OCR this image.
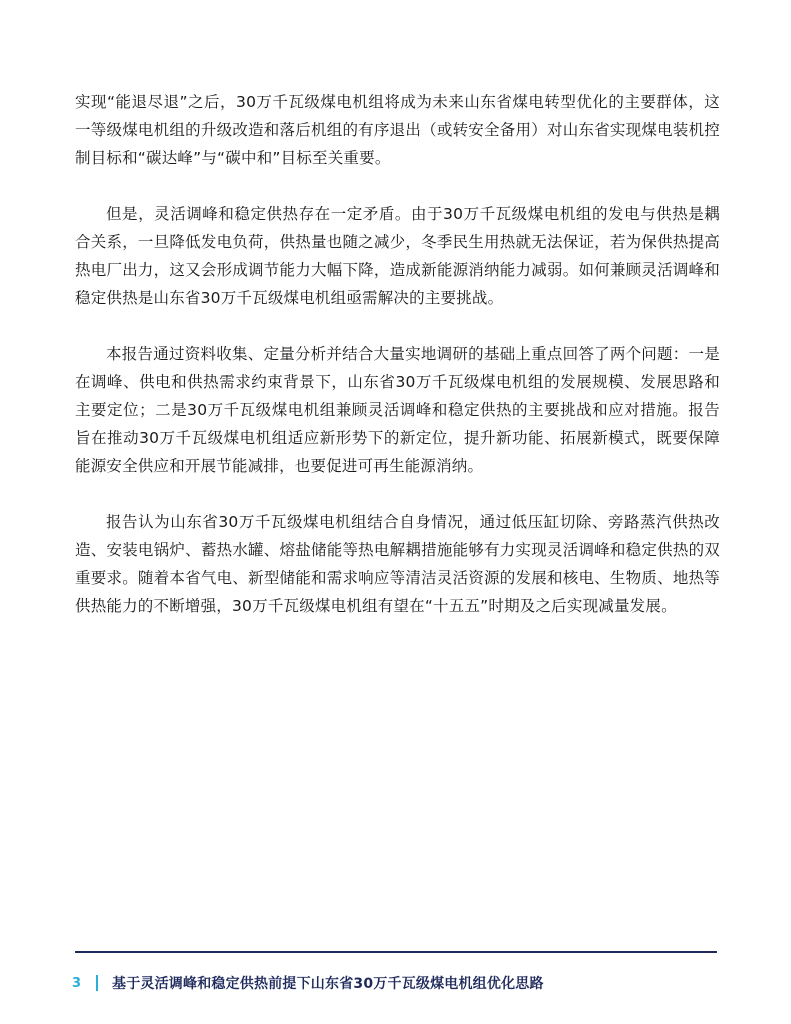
实现“能退尽退”之后，30万千瓦级煤电机组将成为未来山东省煤电转型优化的主要群体，这一等级煤电机组的升级改造和落后机组的有序退出（或转安全备用）对山东省实现煤电装机控制目标和“碳达峰”与“碳中和”目标至关重要。

但是，灵活调峰和稳定供热存在一定矛盾。由于30万千瓦级煤电机组的发电与供热是耦合关系，一旦降低发电负荷，供热量也随之减少，冬季民生用热就无法保证，若为保供热提高热电厂出力，这又会形成调节能力大幅下降，造成新能源消纳能力减弱。如何兼顾灵活调峰和稳定供热是山东省30万千瓦级煤电机组亟需解决的主要挑战。

本报告通过资料收集、定量分析并结合大量实地调研的基础上重点回答了两个问题：一是在调峰、供电和供热需求约束背景下，山东省30万千瓦级煤电机组的发展规模、发展思路和主要定位；二是30万千瓦级煤电机组兼顾灵活调峰和稳定供热的主要挑战和应对措施。报告旨在推动30万千瓦级煤电机组适应新形势下的新定位，提升新功能、拓展新模式，既要保障能源安全供应和开展节能减排，也要促进可再生能源消纳。

报告认为山东省30万千瓦级煤电机组结合自身情况，通过低压缸切除、旁路蒸汽供热改造、安装电锅炉、蓄热水罐、熔盐储能等热电解耦措施能够有力实现灵活调峰和稳定供热的双重要求。随着本省气电、新型储能和需求响应等清洁灵活资源的发展和核电、生物质、地热等供热能力的不断增强，30万千瓦级煤电机组有望在“十五五”时期及之后实现减量发展。

3	基于灵活调峰和稳定供热前提下山东省30万千瓦级煤电机组优化思路
